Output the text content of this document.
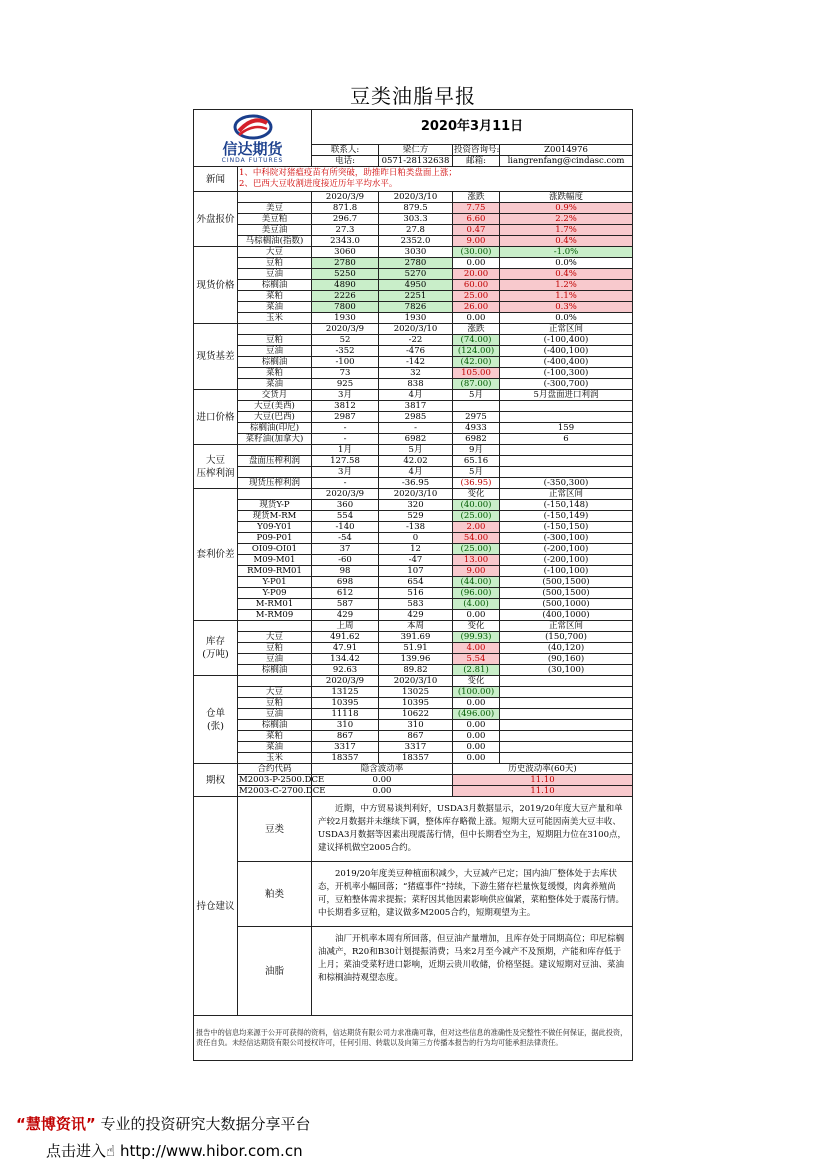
豆类油脂早报
信达期货
CINDA FUTURES		2020年3月11日			
		联系人:	梁仁方	投资咨询号:	Z0014976
		电话:	0571-28132638	邮箱:	liangrenfang@cindasc.com
新闻	1、中科院对猪瘟疫苗有所突破，助推昨日粕类盘面上涨；
2、巴西大豆收割进度接近历年平均水平。				

外盘报价		2020/3/9	2020/3/10	涨跌	涨跌幅度
	美豆	871.8	879.5	7.75	0.9%
	美豆粕	296.7	303.3	6.60	2.2%
	美豆油	27.3	27.8	0.47	1.7%
	马棕榈油(指数)	2343.0	2352.0	9.00	0.4%
现货价格	大豆	3060	3030	(30.00)	-1.0%
	豆粕	2780	2780	0.00	0.0%
	豆油	5250	5270	20.00	0.4%
	棕榈油	4890	4950	60.00	1.2%
	菜粕	2226	2251	25.00	1.1%
	菜油	7800	7826	26.00	0.3%
	玉米	1930	1930	0.00	0.0%
现货基差		2020/3/9	2020/3/10	涨跌	正常区间
	豆粕	52	-22	(74.00)	(-100,400)
	豆油	-352	-476	(124.00)	(-400,100)
	棕榈油	-100	-142	(42.00)	(-400,400)
	菜粕	73	32	105.00	(-100,300)
	菜油	925	838	(87.00)	(-300,700)
进口价格	交货月	3月	4月	5月	5月盘面进口利润
	大豆(美西)	3812	3817		
	大豆(巴西)	2987	2985	2975	
	棕榈油(印尼)	-	-	4933	159
	菜籽油(加拿大)	-	6982	6982	6

大豆
压榨利润		1月	5月	9月	
	盘面压榨利润	127.58	42.02	65.16	
		3月	4月	5月	
	现货压榨利润	-	-36.95	(36.95)	(-350,300)
套利价差		2020/3/9	2020/3/10	变化	正常区间
	现货Y-P	360	320	(40.00)	(-150,148)
	现货M-RM	554	529	(25.00)	(-150,149)
	Y09-Y01	-140	-138	2.00	(-150,150)
	P09-P01	-54	0	54.00	(-300,100)
	OI09-OI01	37	12	(25.00)	(-200,100)
	M09-M01	-60	-47	13.00	(-200,100)
	RM09-RM01	98	107	9.00	(-100,100)
	Y-P01	698	654	(44.00)	(500,1500)
	Y-P09	612	516	(96.00)	(500,1500)
	M-RM01	587	583	(4.00)	(500,1000)
	M-RM09	429	429	0.00	(400,1000)

库存
(万吨)		上周	本周	变化	正常区间
	大豆	491.62	391.69	(99.93)	(150,700)
	豆粕	47.91	51.91	4.00	(40,120)
	豆油	134.42	139.96	5.54	(90,160)
	棕榈油	92.63	89.82	(2.81)	(30,100)

仓单
(张)		2020/3/9	2020/3/10	变化	
	大豆	13125	13025	(100.00)	
	豆粕	10395	10395	0.00	
	豆油	11118	10622	(496.00)	
	棕榈油	310	310	0.00	
	菜粕	867	867	0.00	
	菜油	3317	3317	0.00	
	玉米	18357	18357	0.00	
期权	合约代码	隐含波动率		历史波动率(60天)	
	M2003-P-2500.DCE	0.00		11.10	
	M2003-C-2700.DCE	0.00		11.10	
持仓建议	豆类	近期，中方贸易谈判利好，USDA3月数据显示，2019/20年度大豆产量和单产较2月数据并未继续下调，整体库存略微上涨。短期大豆可能因南美大豆丰收、USDA3月数据等因素出现震荡行情，但中长期看空为主，短期阻力位在3100点，建议择机做空2005合约。			

	粕类	2019/20年度美豆种植面积减少，大豆减产已定；国内油厂整体处于去库状态，开机率小幅回落；“猪瘟事件”持续，下游生猪存栏量恢复缓慢，肉禽养殖尚可，豆粕整体需求提振；菜籽因其他因素影响供应偏紧，菜粕整体处于震荡行情。中长期看多豆粕，建议做多M2005合约，短期观望为主。			

	油脂	油厂开机率本周有所回落，但豆油产量增加，且库存处于同期高位；印尼棕榈油减产，R20和B30计划提振消费；马来2月至今减产不及预期，产能和库存低于上月；菜油受菜籽进口影响，近期云贵川收储，价格坚挺。建议短期对豆油、菜油和棕榈油持观望态度。			

报告中的信息均来源于公开可获得的资料，信达期货有限公司力求准确可靠，但对这些信息的准确性及完整性不做任何保证，据此投资，责任自负。未经信达期货有限公司授权许可，任何引用、转载以及向第三方传播本报告的行为均可能承担法律责任。					
“慧博资讯” 专业的投资研究大数据分享平台
点击进入☝ http://www.hibor.com.cn
